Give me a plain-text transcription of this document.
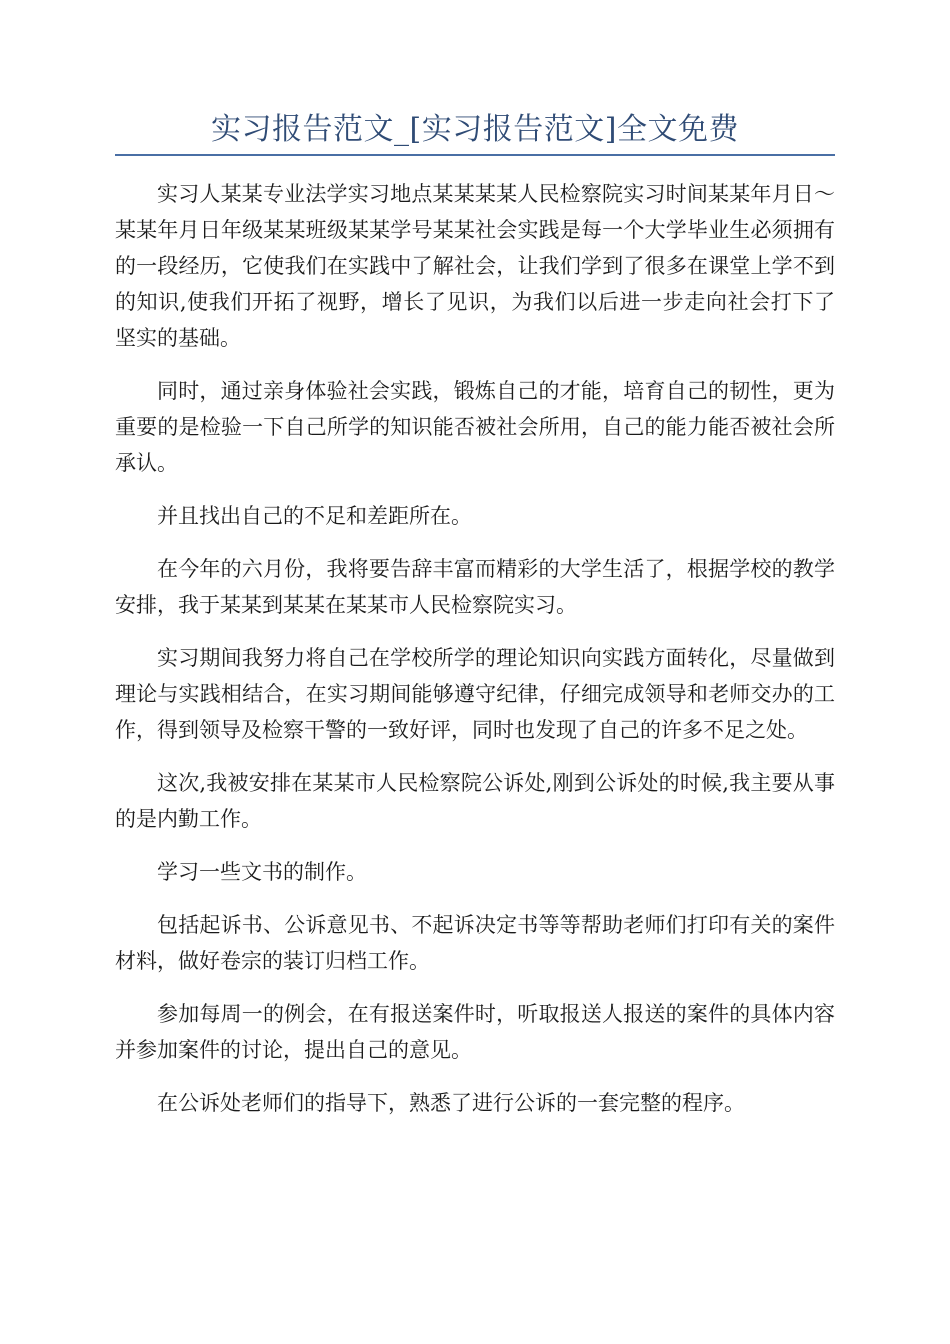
实习报告范文_[实习报告范文]全文免费

实习人某某专业法学实习地点某某某某人民检察院实习时间某某年月日～某某年月日年级某某班级某某学号某某社会实践是每一个大学毕业生必须拥有的一段经历，它使我们在实践中了解社会，让我们学到了很多在课堂上学不到的知识,使我们开拓了视野，增长了见识，为我们以后进一步走向社会打下了坚实的基础。

同时，通过亲身体验社会实践，锻炼自己的才能，培育自己的韧性，更为重要的是检验一下自己所学的知识能否被社会所用，自己的能力能否被社会所承认。

并且找出自己的不足和差距所在。

在今年的六月份，我将要告辞丰富而精彩的大学生活了，根据学校的教学安排，我于某某到某某在某某市人民检察院实习。

实习期间我努力将自己在学校所学的理论知识向实践方面转化，尽量做到理论与实践相结合，在实习期间能够遵守纪律，仔细完成领导和老师交办的工作，得到领导及检察干警的一致好评，同时也发现了自己的许多不足之处。

这次,我被安排在某某市人民检察院公诉处,刚到公诉处的时候,我主要从事的是内勤工作。

学习一些文书的制作。

包括起诉书、公诉意见书、不起诉决定书等等帮助老师们打印有关的案件材料，做好卷宗的装订归档工作。

参加每周一的例会，在有报送案件时，听取报送人报送的案件的具体内容并参加案件的讨论，提出自己的意见。

在公诉处老师们的指导下，熟悉了进行公诉的一套完整的程序。
